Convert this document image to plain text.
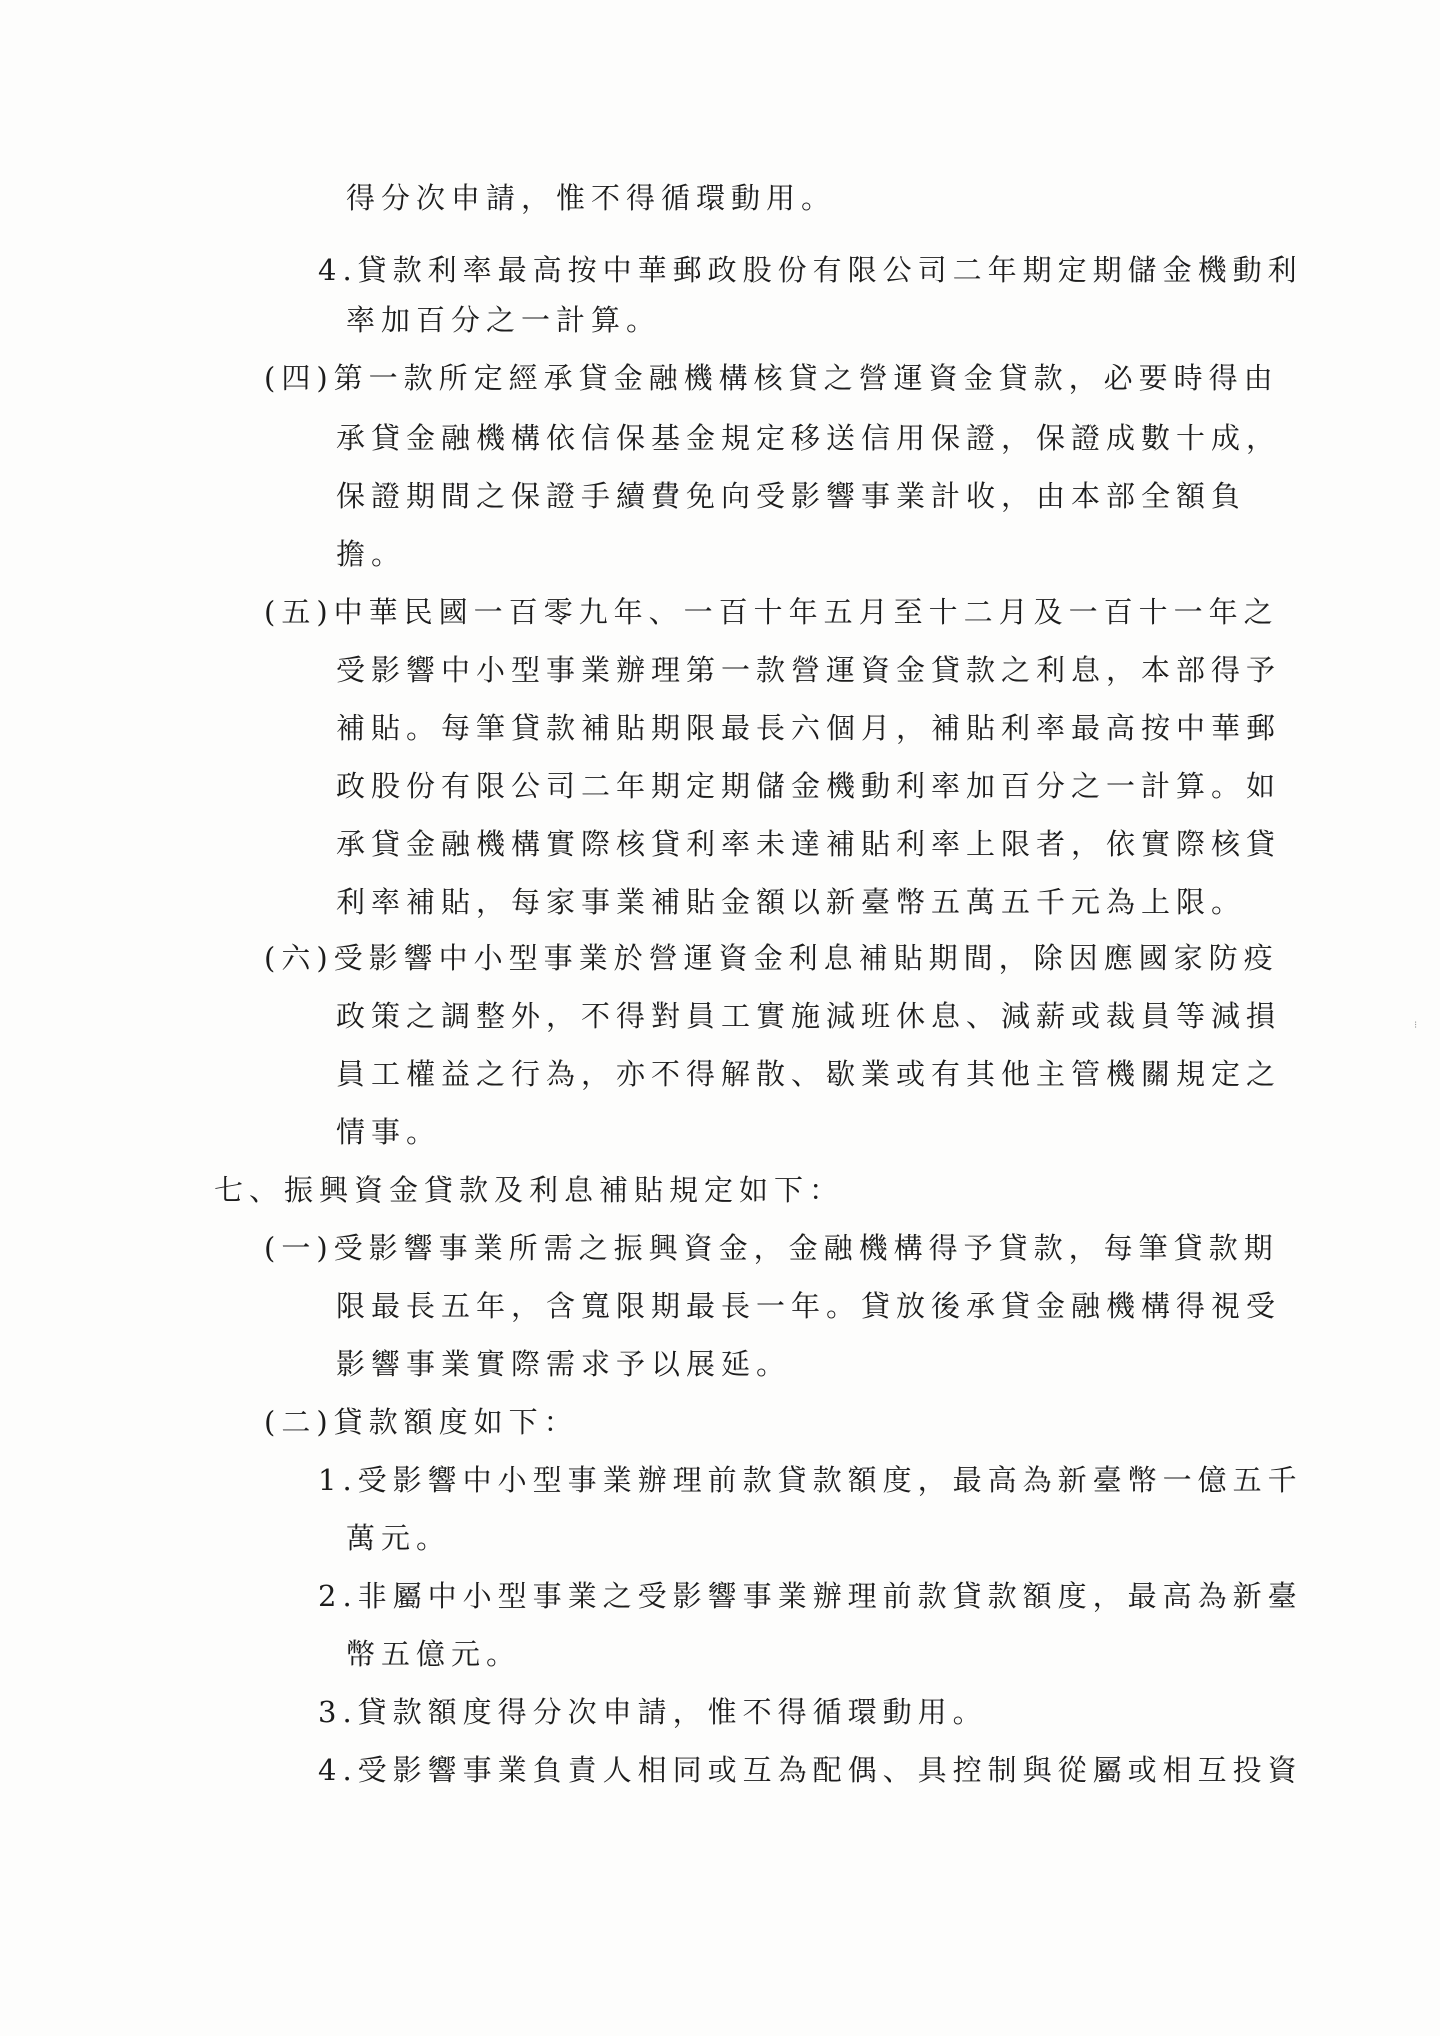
得分次申請，惟不得循環動用。
4.貸款利率最高按中華郵政股份有限公司二年期定期儲金機動利
率加百分之一計算。
(四)第一款所定經承貸金融機構核貸之營運資金貸款，必要時得由
承貸金融機構依信保基金規定移送信用保證，保證成數十成，
保證期間之保證手續費免向受影響事業計收，由本部全額負
擔。
(五)中華民國一百零九年、一百十年五月至十二月及一百十一年之
受影響中小型事業辦理第一款營運資金貸款之利息，本部得予
補貼。每筆貸款補貼期限最長六個月，補貼利率最高按中華郵
政股份有限公司二年期定期儲金機動利率加百分之一計算。如
承貸金融機構實際核貸利率未達補貼利率上限者，依實際核貸
利率補貼，每家事業補貼金額以新臺幣五萬五千元為上限。
(六)受影響中小型事業於營運資金利息補貼期間，除因應國家防疫
政策之調整外，不得對員工實施減班休息、減薪或裁員等減損
員工權益之行為，亦不得解散、歇業或有其他主管機關規定之
情事。
七、振興資金貸款及利息補貼規定如下：
(一)受影響事業所需之振興資金，金融機構得予貸款，每筆貸款期
限最長五年，含寬限期最長一年。貸放後承貸金融機構得視受
影響事業實際需求予以展延。
(二)貸款額度如下：
1.受影響中小型事業辦理前款貸款額度，最高為新臺幣一億五千
萬元。
2.非屬中小型事業之受影響事業辦理前款貸款額度，最高為新臺
幣五億元。
3.貸款額度得分次申請，惟不得循環動用。
4.受影響事業負責人相同或互為配偶、具控制與從屬或相互投資
⁝
